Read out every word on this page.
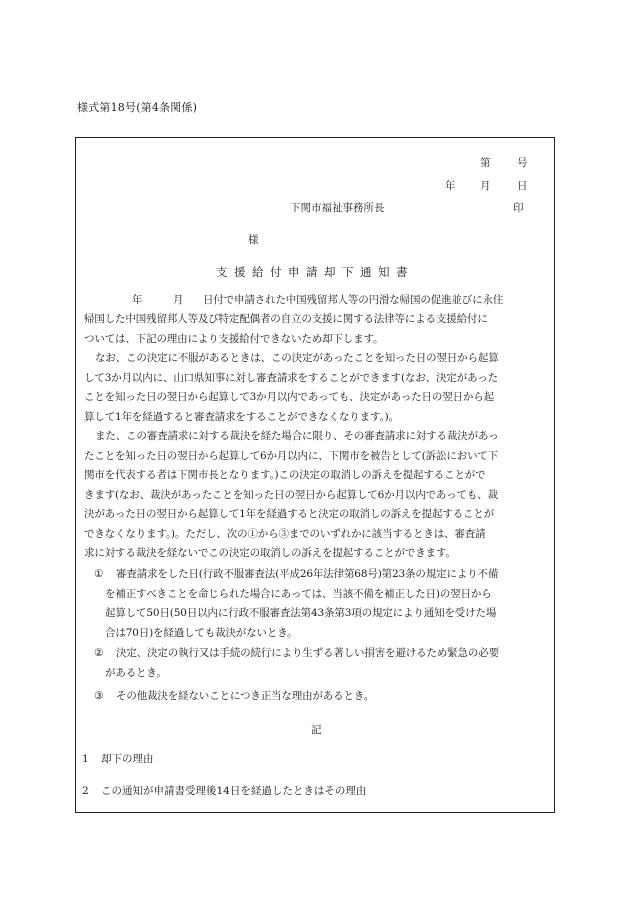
様式第18号(第4条関係)
第	号
年 月	日
下関市福祉事務所長	印
様
支援給付申請却下通知書
年	月 日付で申請された中国残留邦人等の円滑な帰国の促進並びに永住
帰国した中国残留邦人等及び特定配偶者の自立の支援に関する法律等による支援給付に
ついては、下記の理由により支援給付できないため却下します。
なお、この決定に不服があるときは、この決定があったことを知った日の翌日から起算
して3か月以内に、山口県知事に対し審査請求をすることができます(なお、決定があった
ことを知った日の翌日から起算して3か月以内であっても、決定があった日の翌日から起
算して1年を経過すると審査請求をすることができなくなります。)。
また、この審査請求に対する裁決を経た場合に限り、その審査請求に対する裁決があっ
たことを知った日の翌日から起算して6か月以内に、下関市を被告として(訴訟において下
関市を代表する者は下関市長となります。)この決定の取消しの訴えを提起することがで
きます(なお、裁決があったことを知った日の翌日から起算して6か月以内であっても、裁
決があった日の翌日から起算して1年を経過すると決定の取消しの訴えを提起することが
できなくなります。)。ただし、次の①から③までのいずれかに該当するときは、審査請
求に対する裁決を経ないでこの決定の取消しの訴えを提起することができます。
① 審査請求をした日(行政不服審査法(平成26年法律第68号)第23条の規定により不備
を補正すべきことを命じられた場合にあっては、当該不備を補正した日)の翌日から
起算して50日(50日以内に行政不服審査法第43条第3項の規定により通知を受けた場
合は70日)を経過しても裁決がないとき。
② 決定、決定の執行又は手続の続行により生ずる著しい損害を避けるため緊急の必要
があるとき。
③ その他裁決を経ないことにつき正当な理由があるとき。
記
1 却下の理由
2 この通知が申請書受理後14日を経過したときはその理由
